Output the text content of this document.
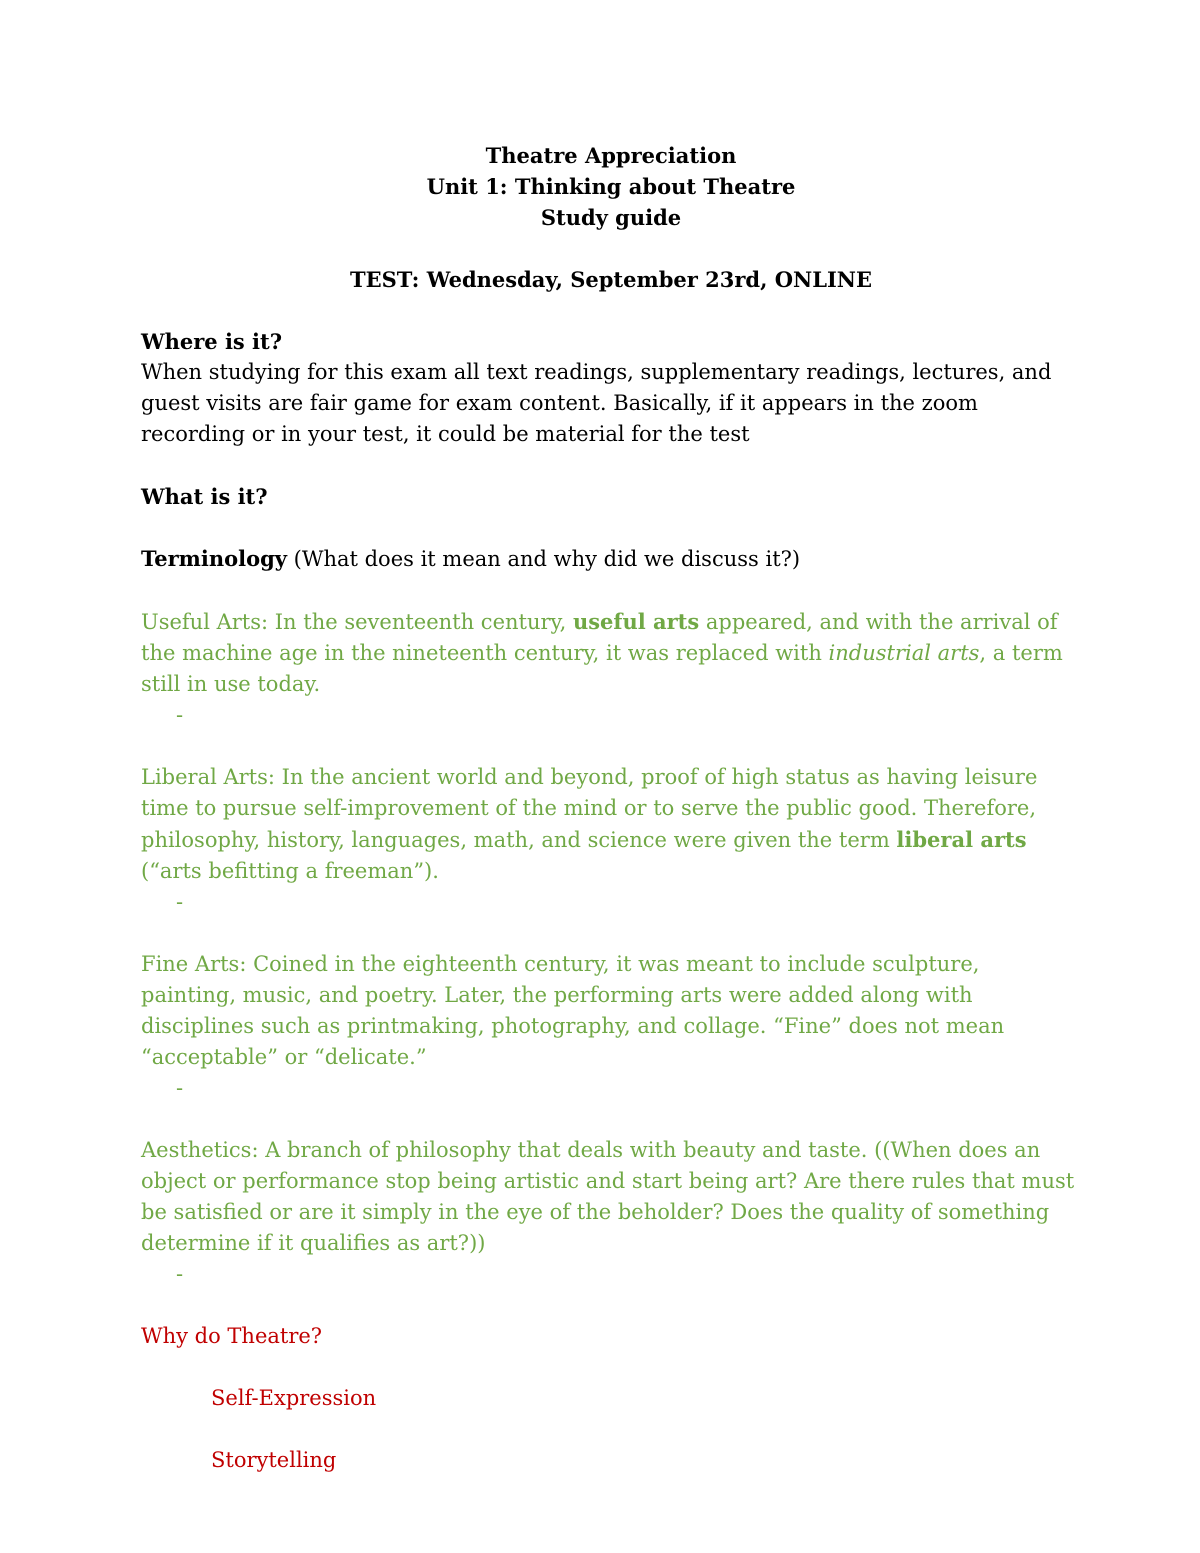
Theatre Appreciation

Unit 1: Thinking about Theatre

Study guide

TEST: Wednesday, September 23rd, ONLINE

Where is it?

When studying for this exam all text readings, supplementary readings, lectures, and guest visits are fair game for exam content. Basically, if it appears in the zoom recording or in your test, it could be material for the test

What is it?

Terminology (What does it mean and why did we discuss it?)

Useful Arts: In the seventeenth century, useful arts appeared, and with the arrival of the machine age in the nineteenth century, it was replaced with industrial arts, a term still in use today.

-

Liberal Arts: In the ancient world and beyond, proof of high status as having leisure time to pursue self-improvement of the mind or to serve the public good. Therefore, philosophy, history, languages, math, and science were given the term liberal arts (“arts befitting a freeman”).

-

Fine Arts: Coined in the eighteenth century, it was meant to include sculpture, painting, music, and poetry. Later, the performing arts were added along with disciplines such as printmaking, photography, and collage. “Fine” does not mean “acceptable” or “delicate.”

-

Aesthetics: A branch of philosophy that deals with beauty and taste. ((When does an object or performance stop being artistic and start being art? Are there rules that must be satisfied or are it simply in the eye of the beholder? Does the quality of something determine if it qualifies as art?))

-

Why do Theatre?

Self-Expression

Storytelling
